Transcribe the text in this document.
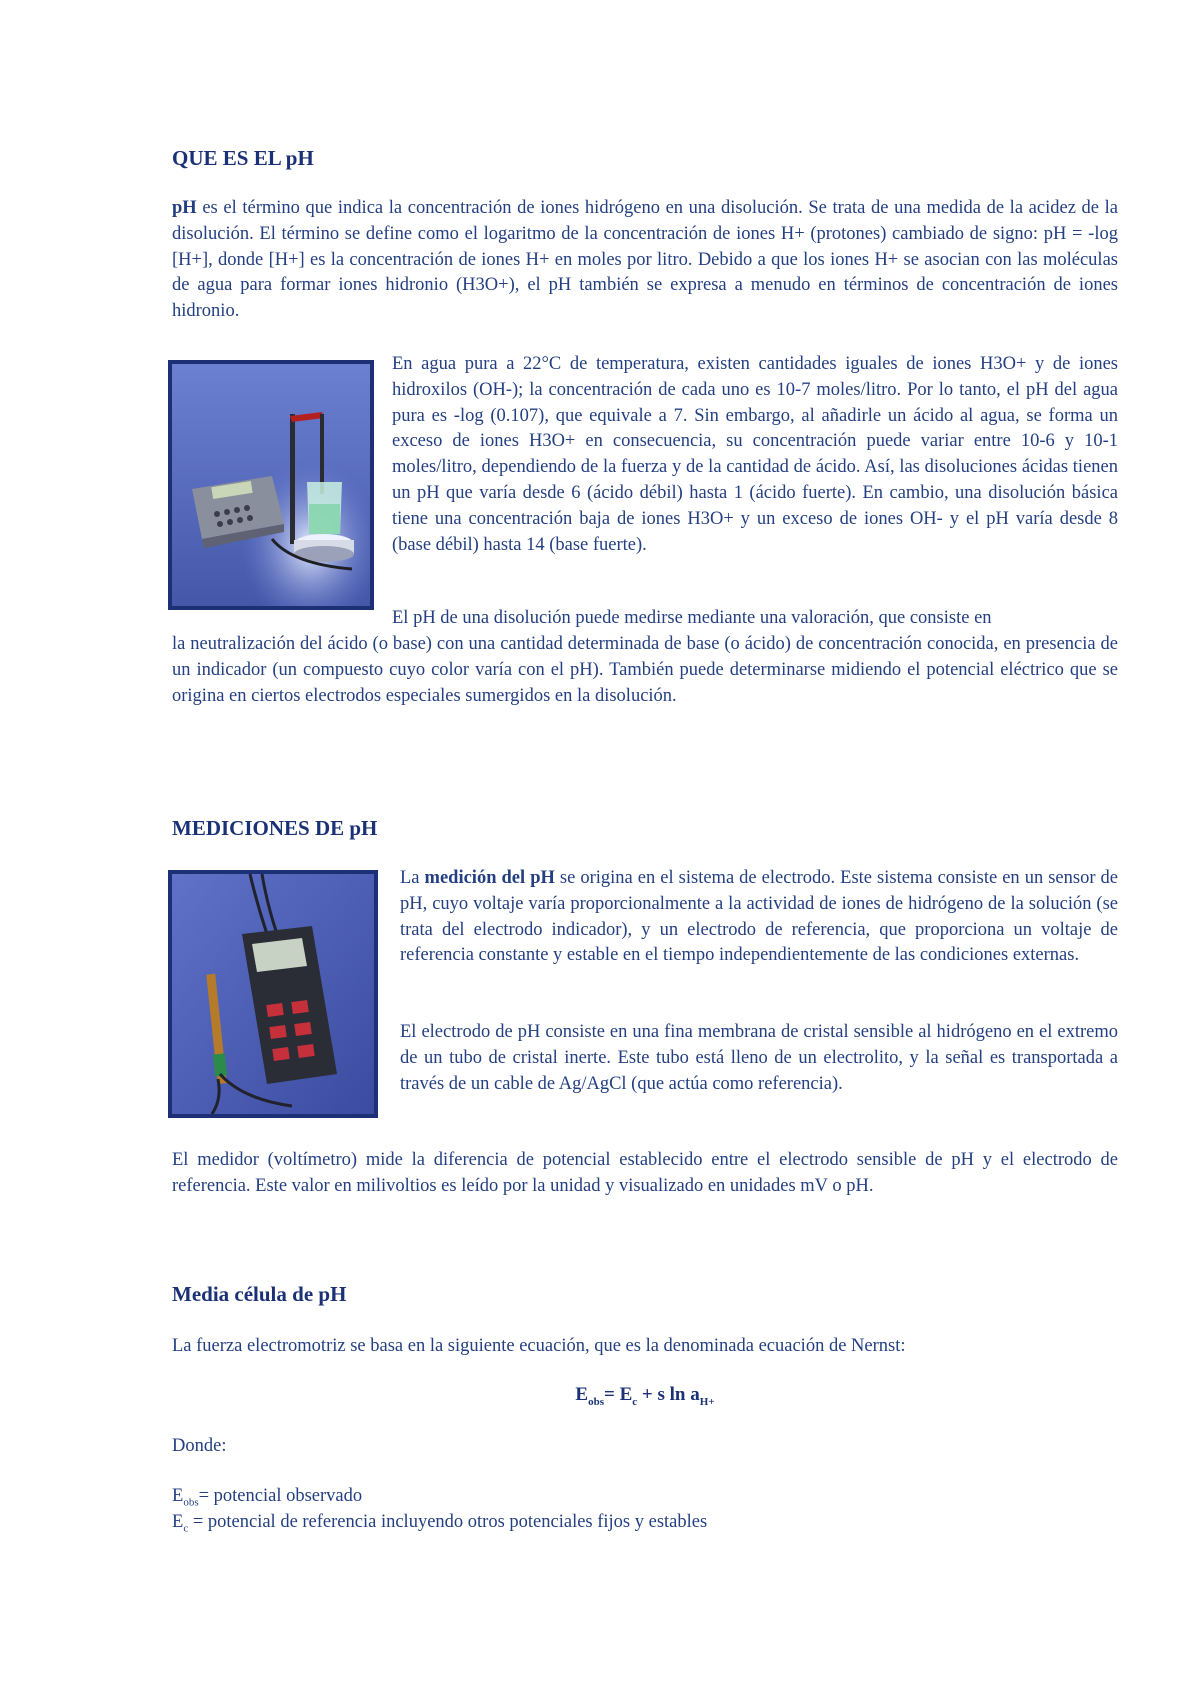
QUE ES EL pH

pH es el término que indica la concentración de iones hidrógeno en una disolución. Se trata de una medida de la acidez de la disolución. El término se define como el logaritmo de la concentración de iones H+ (protones) cambiado de signo: pH = -log [H+], donde [H+] es la concentración de iones H+ en moles por litro. Debido a que los iones H+ se asocian con las moléculas de agua para formar iones hidronio (H3O+), el pH también se expresa a menudo en términos de concentración de iones hidronio.

En agua pura a 22°C de temperatura, existen cantidades iguales de iones H3O+ y de iones hidroxilos (OH-); la concentración de cada uno es 10-7 moles/litro. Por lo tanto, el pH del agua pura es -log (0.107), que equivale a 7. Sin embargo, al añadirle un ácido al agua, se forma un exceso de iones H3O+ en consecuencia, su concentración puede variar entre 10-6 y 10-1 moles/litro, dependiendo de la fuerza y de la cantidad de ácido. Así, las disoluciones ácidas tienen un pH que varía desde 6 (ácido débil) hasta 1 (ácido fuerte). En cambio, una disolución básica tiene una concentración baja de iones H3O+ y un exceso de iones OH- y el pH varía desde 8 (base débil) hasta 14 (base fuerte).

El pH de una disolución puede medirse mediante una valoración, que consiste en

la neutralización del ácido (o base) con una cantidad determinada de base (o ácido) de concentración conocida, en presencia de un indicador (un compuesto cuyo color varía con el pH). También puede determinarse midiendo el potencial eléctrico que se origina en ciertos electrodos especiales sumergidos en la disolución.

MEDICIONES DE pH

La medición del pH se origina en el sistema de electrodo. Este sistema consiste en un sensor de pH, cuyo voltaje varía proporcionalmente a la actividad de iones de hidrógeno de la solución (se trata del electrodo indicador), y un electrodo de referencia, que proporciona un voltaje de referencia constante y estable en el tiempo independientemente de las condiciones externas.

El electrodo de pH consiste en una fina membrana de cristal sensible al hidrógeno en el extremo de un tubo de cristal inerte. Este tubo está lleno de un electrolito, y la señal es transportada a través de un cable de Ag/AgCl (que actúa como referencia).

El medidor (voltímetro) mide la diferencia de potencial establecido entre el electrodo sensible de pH y el electrodo de referencia. Este valor en milivoltios es leído por la unidad y visualizado en unidades mV o pH.

Media célula de pH

La fuerza electromotriz se basa en la siguiente ecuación, que es la denominada ecuación de Nernst:

$E_{obs}= E_c + s$ $\ln a_{H+}$

Donde:

$E_{obs}=$ potencial observado

$E_c$ = potencial de referencia incluyendo otros potenciales fijos y estables
